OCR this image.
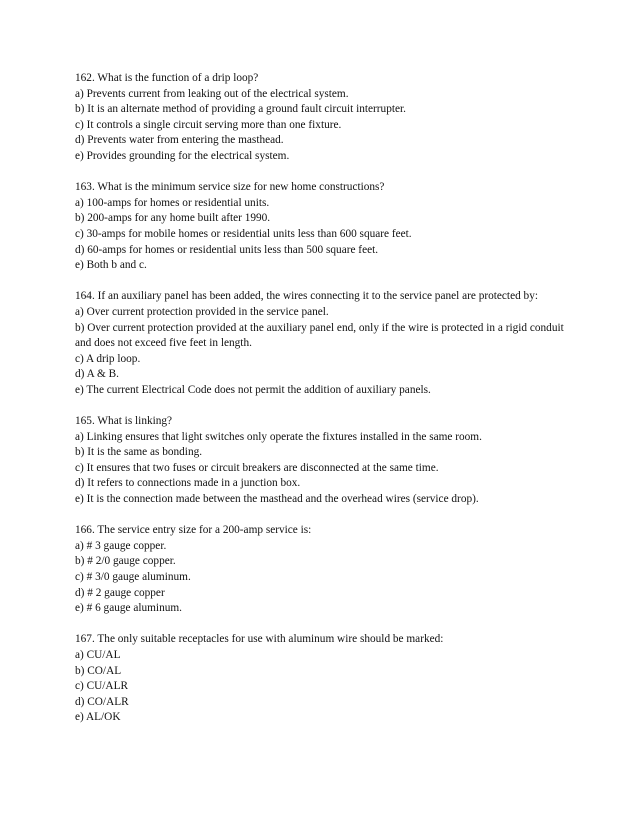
162. What is the function of a drip loop?
a) Prevents current from leaking out of the electrical system.
b) It is an alternate method of providing a ground fault circuit interrupter.
c) It controls a single circuit serving more than one fixture.
d) Prevents water from entering the masthead.
e) Provides grounding for the electrical system.
163. What is the minimum service size for new home constructions?
a) 100-amps for homes or residential units.
b) 200-amps for any home built after 1990.
c) 30-amps for mobile homes or residential units less than 600 square feet.
d) 60-amps for homes or residential units less than 500 square feet.
e) Both b and c.
164. If an auxiliary panel has been added, the wires connecting it to the service panel are protected by:
a) Over current protection provided in the service panel.
b) Over current protection provided at the auxiliary panel end, only if the wire is protected in a rigid conduit and does not exceed five feet in length.
c) A drip loop.
d) A & B.
e) The current Electrical Code does not permit the addition of auxiliary panels.
165. What is linking?
a) Linking ensures that light switches only operate the fixtures installed in the same room.
b) It is the same as bonding.
c) It ensures that two fuses or circuit breakers are disconnected at the same time.
d) It refers to connections made in a junction box.
e) It is the connection made between the masthead and the overhead wires (service drop).
166. The service entry size for a 200-amp service is:
a) # 3 gauge copper.
b) # 2/0 gauge copper.
c) # 3/0 gauge aluminum.
d) # 2 gauge copper
e) # 6 gauge aluminum.
167. The only suitable receptacles for use with aluminum wire should be marked:
a) CU/AL
b) CO/AL
c) CU/ALR
d) CO/ALR
e) AL/OK
